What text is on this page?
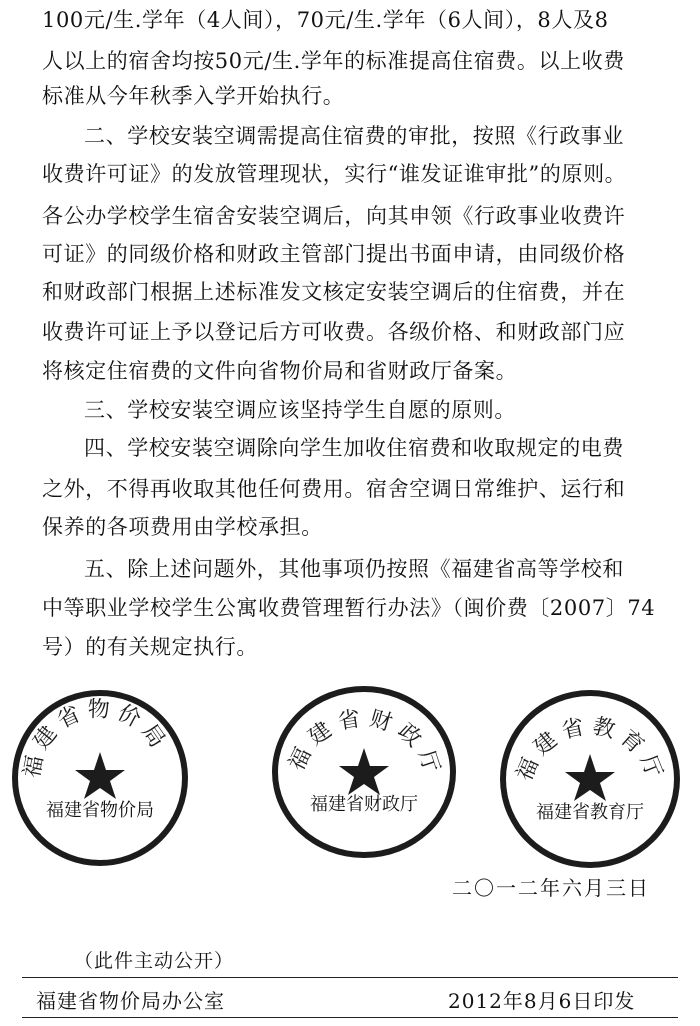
100元/生.学年（4人间），70元/生.学年（6人间），8人及8
人以上的宿舍均按50元/生.学年的标准提高住宿费。以上收费
标准从今年秋季入学开始执行。
二、学校安装空调需提高住宿费的审批，按照《行政事业
收费许可证》的发放管理现状，实行“谁发证谁审批”的原则。
各公办学校学生宿舍安装空调后，向其申领《行政事业收费许
可证》的同级价格和财政主管部门提出书面申请，由同级价格
和财政部门根据上述标准发文核定安装空调后的住宿费，并在
收费许可证上予以登记后方可收费。各级价格、和财政部门应
将核定住宿费的文件向省物价局和省财政厅备案。
三、学校安装空调应该坚持学生自愿的原则。
四、学校安装空调除向学生加收住宿费和收取规定的电费
之外，不得再收取其他任何费用。宿舍空调日常维护、运行和
保养的各项费用由学校承担。
五、除上述问题外，其他事项仍按照《福建省高等学校和
中等职业学校学生公寓收费管理暂行办法》（闽价费〔2007〕74
号）的有关规定执行。
福建省物价局
福建省物价局
福建省财政厅
福建省财政厅
福建省教育厅
福建省教育厅
二〇一二年六月三日
（此件主动公开）
福建省物价局办公室	2012年8月6日印发
